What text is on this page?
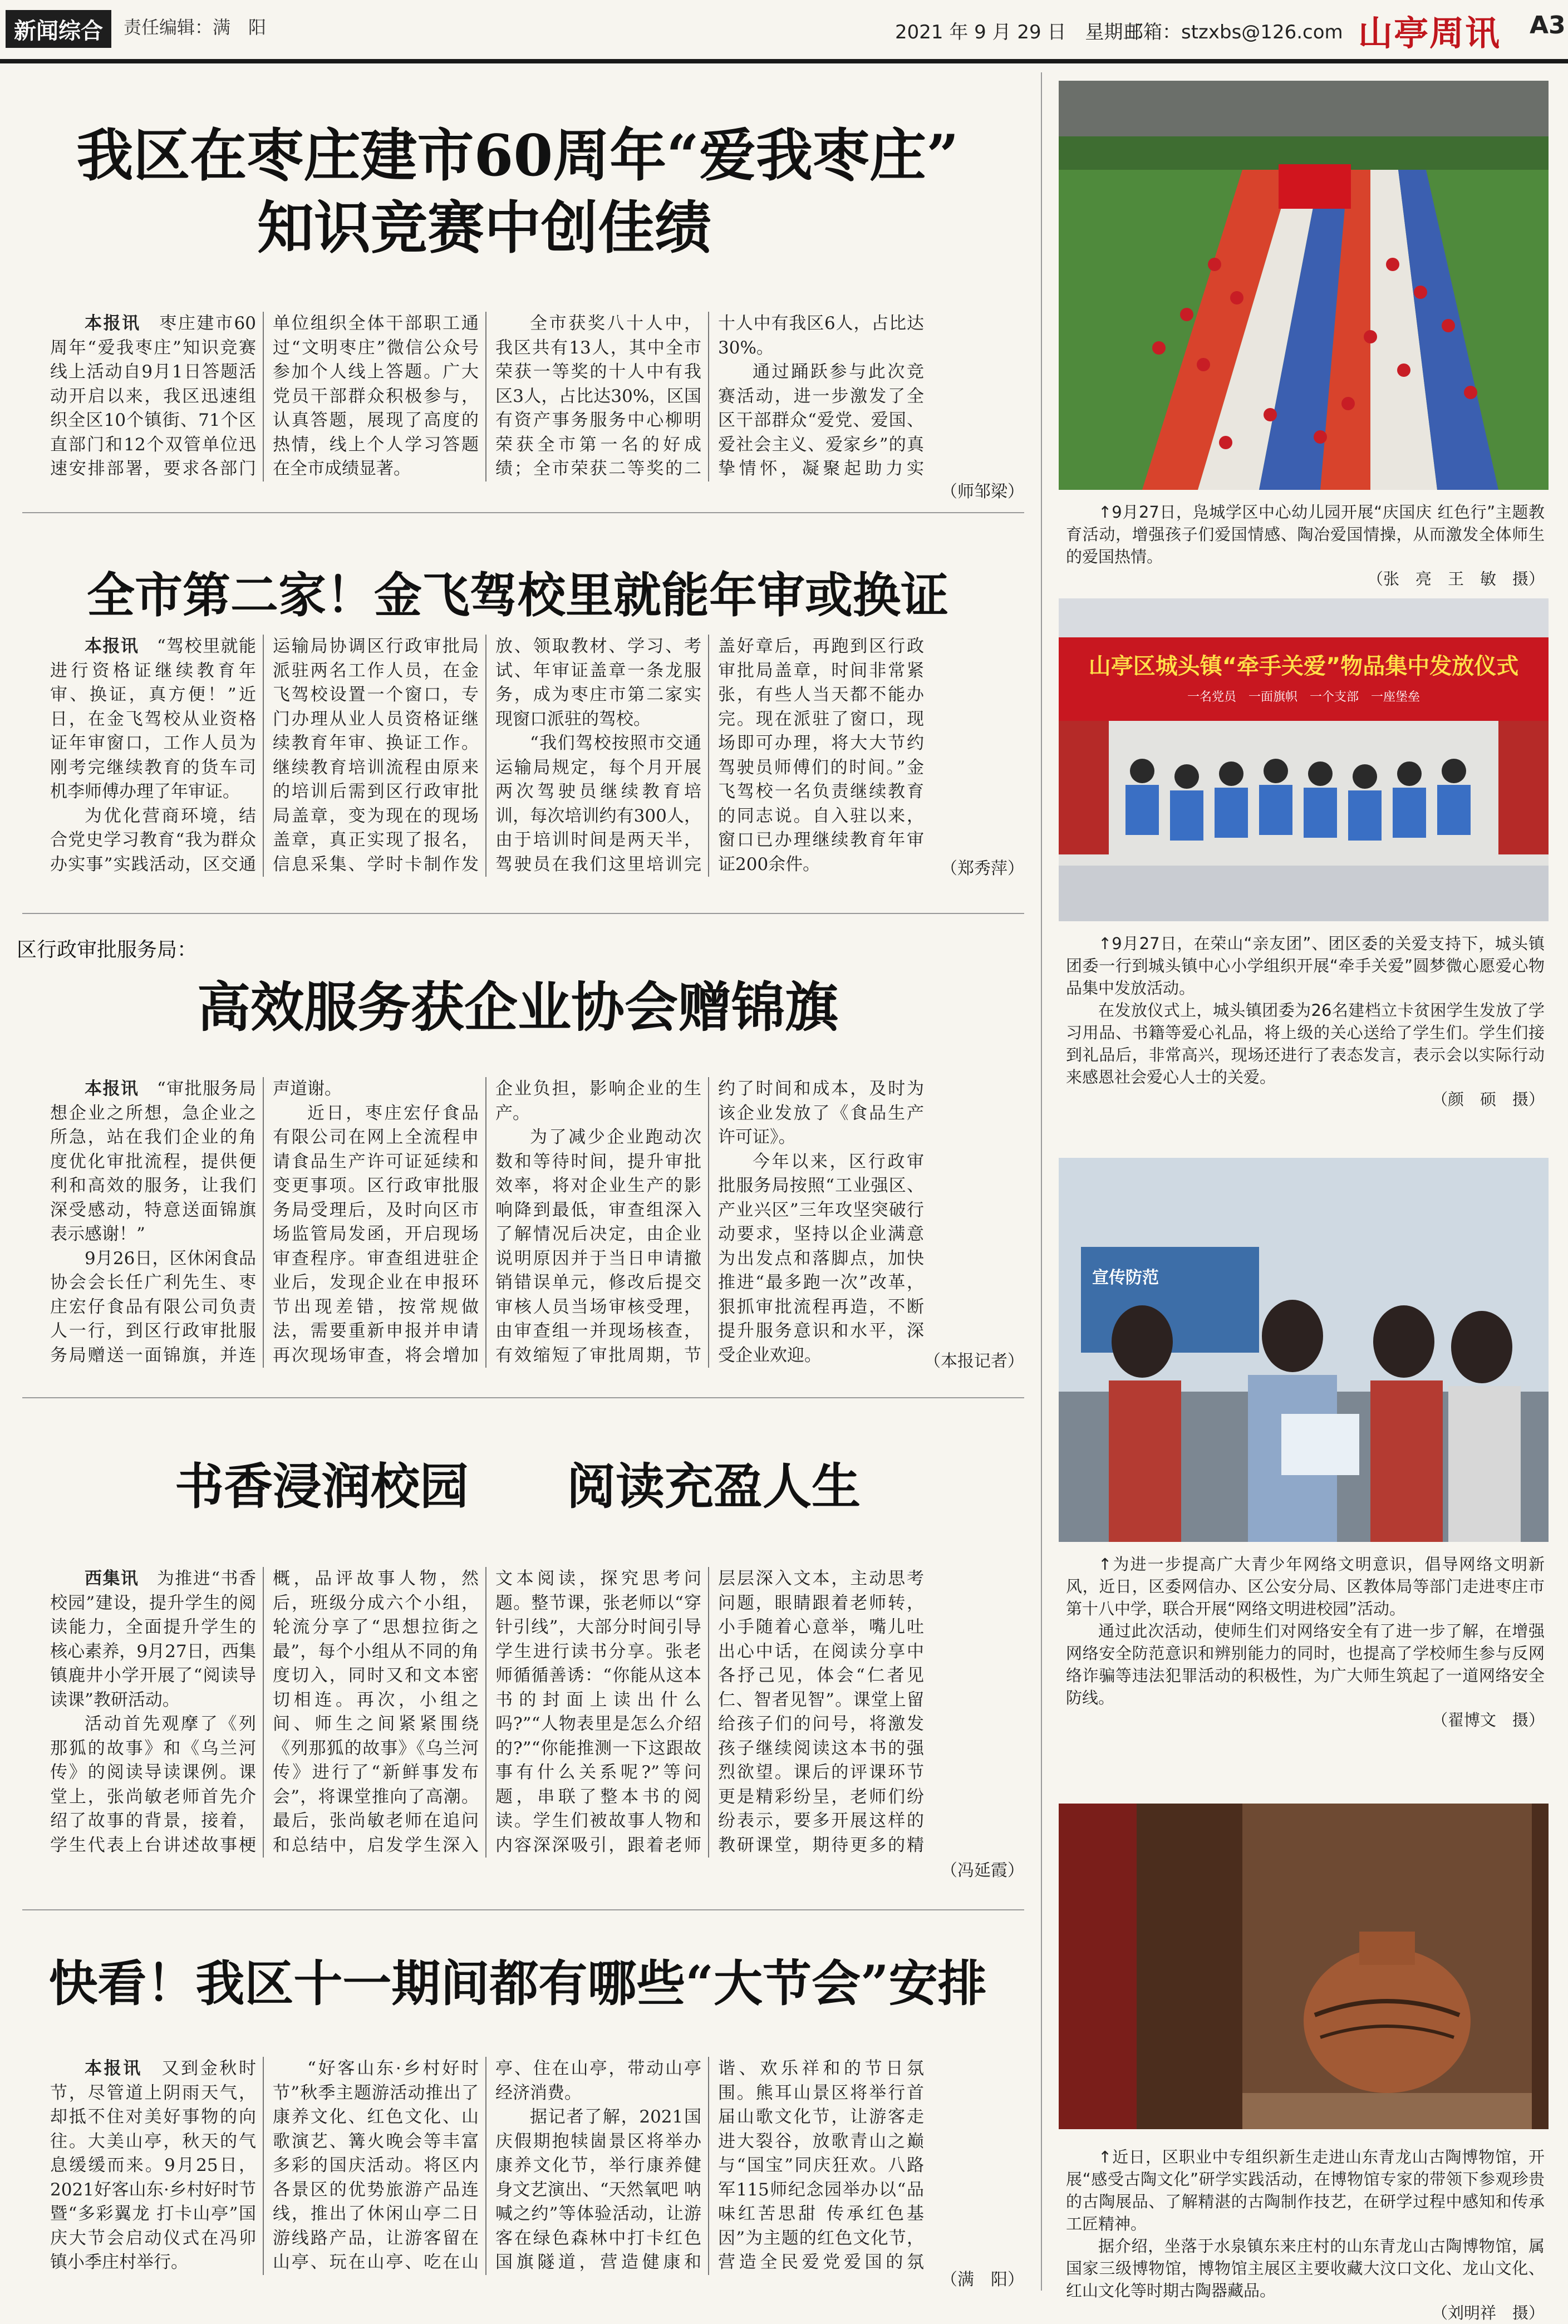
新闻综合	责任编辑：满　阳	2021 年 9 月 29 日　星期三
邮箱：stzxbs@126.com 山亭周讯 A3
我区在枣庄建市60周年“爱我枣庄”
知识竞赛中创佳绩

本报讯　枣庄建市60周年“爱我枣庄”知识竞赛线上活动自9月1日答题活动开启以来，我区迅速组织全区10个镇街、71个区直部门和12个双管单位迅速安排部署，要求各部门

单位组织全体干部职工通过“文明枣庄”微信公众号参加个人线上答题。广大党员干部群众积极参与，认真答题，展现了高度的热情，线上个人学习答题在全市成绩显著。

全市获奖八十人中，我区共有13人，其中全市荣获一等奖的十人中有我区3人，占比达30%，区国有资产事务服务中心柳明荣获全市第一名的好成绩；全市荣获二等奖的二

十人中有我区6人，占比达30%。

通过踊跃参与此次竞赛活动，进一步激发了全区干部群众“爱党、爱国、爱社会主义、爱家乡”的真挚情怀，凝聚起助力实

（师邹梁）
全市第二家！金飞驾校里就能年审或换证

本报讯　“驾校里就能进行资格证继续教育年审、换证，真方便！”近日，在金飞驾校从业资格证年审窗口，工作人员为刚考完继续教育的货车司机李师傅办理了年审证。

为优化营商环境，结合党史学习教育“我为群众办实事”实践活动，区交通

运输局协调区行政审批局派驻两名工作人员，在金飞驾校设置一个窗口，专门办理从业人员资格证继续教育年审、换证工作。继续教育培训流程由原来的培训后需到区行政审批局盖章，变为现在的现场盖章，真正实现了报名，信息采集、学时卡制作发

放、领取教材、学习、考试、年审证盖章一条龙服务，成为枣庄市第二家实现窗口派驻的驾校。

“我们驾校按照市交通运输局规定，每个月开展两次驾驶员继续教育培训，每次培训约有300人，由于培训时间是两天半，驾驶员在我们这里培训完

盖好章后，再跑到区行政审批局盖章，时间非常紧张，有些人当天都不能办完。现在派驻了窗口，现场即可办理，将大大节约驾驶员师傅们的时间。”金飞驾校一名负责继续教育的同志说。自入驻以来，窗口已办理继续教育年审证200余件。	（郑秀萍）
区行政审批服务局：
高效服务获企业协会赠锦旗

本报讯　“审批服务局想企业之所想，急企业之所急，站在我们企业的角度优化审批流程，提供便利和高效的服务，让我们深受感动，特意送面锦旗表示感谢！”

9月26日，区休闲食品协会会长任广利先生、枣庄宏仔食品有限公司负责人一行，到区行政审批服务局赠送一面锦旗，并连

声道谢。

近日，枣庄宏仔食品有限公司在网上全流程申请食品生产许可证延续和变更事项。区行政审批服务局受理后，及时向区市场监管局发函，开启现场审查程序。审查组进驻企业后，发现企业在申报环节出现差错，按常规做法，需要重新申报并申请再次现场审查，将会增加

企业负担，影响企业的生产。

为了减少企业跑动次数和等待时间，提升审批效率，将对企业生产的影响降到最低，审查组深入了解情况后决定，由企业说明原因并于当日申请撤销错误单元，修改后提交审核人员当场审核受理，由审查组一并现场核查，有效缩短了审批周期，节

约了时间和成本，及时为该企业发放了《食品生产许可证》。

今年以来，区行政审批服务局按照“工业强区、产业兴区”三年攻坚突破行动要求，坚持以企业满意为出发点和落脚点，加快推进“最多跑一次”改革，狠抓审批流程再造，不断提升服务意识和水平，深受企业欢迎。	（本报记者）
书香浸润校园　　阅读充盈人生

西集讯　为推进“书香校园”建设，提升学生的阅读能力，全面提升学生的核心素养，9月27日，西集镇鹿井小学开展了“阅读导读课”教研活动。

活动首先观摩了《列那狐的故事》和《乌兰河传》的阅读导读课例。课堂上，张尚敏老师首先介绍了故事的背景，接着，学生代表上台讲述故事梗

概，品评故事人物，然后，班级分成六个小组，轮流分享了“思想拉街之最”，每个小组从不同的角度切入，同时又和文本密切相连。再次，小组之间、师生之间紧紧围绕《列那狐的故事》《乌兰河传》进行了“新鲜事发布会”，将课堂推向了高潮。最后，张尚敏老师在追问和总结中，启发学生深入

文本阅读，探究思考问题。整节课，张老师以“穿针引线”，大部分时间引导学生进行读书分享。张老师循循善诱：“你能从这本书的封面上读出什么吗?”“人物表里是怎么介绍的?”“你能推测一下这跟故事有什么关系呢?”等问题，串联了整本书的阅读。学生们被故事人物和内容深深吸引，跟着老师

层层深入文本，主动思考问题，眼睛跟着老师转，小手随着心意举，嘴儿吐出心中话，在阅读分享中各抒己见，体会“仁者见仁、智者见智”。课堂上留给孩子们的问号，将激发孩子继续阅读这本书的强烈欲望。课后的评课环节更是精彩纷呈，老师们纷纷表示，要多开展这样的教研课堂，期待更多的精

（冯延霞）
快看！我区十一期间都有哪些“大节会”安排

本报讯　又到金秋时节，尽管道上阴雨天气，却抵不住对美好事物的向往。大美山亭，秋天的气息缓缓而来。9月25日，2021好客山东·乡村好时节暨“多彩翼龙 打卡山亭”国庆大节会启动仪式在冯卯镇小季庄村举行。

“好客山东·乡村好时节”秋季主题游活动推出了康养文化、红色文化、山歌演艺、篝火晚会等丰富多彩的国庆活动。将区内各景区的优势旅游产品连线，推出了休闲山亭二日游线路产品，让游客留在山亭、玩在山亭、吃在山

亭、住在山亭，带动山亭经济消费。

据记者了解，2021国庆假期抱犊崮景区将举办康养文化节，举行康养健身文艺演出、“天然氧吧 呐喊之约”等体验活动，让游客在绿色森林中打卡红色国旗隧道，营造健康和

谐、欢乐祥和的节日氛围。熊耳山景区将举行首届山歌文化节，让游客走进大裂谷，放歌青山之巅与“国宝”同庆狂欢。八路军115师纪念园举办以“品味红苦思甜 传承红色基因”为主题的红色文化节，营造全民爱党爱国的氛

（满　阳）

↑9月27日，凫城学区中心幼儿园开展“庆国庆 红色行”主题教育活动，增强孩子们爱国情感、陶冶爱国情操，从而激发全体师生的爱国热情。

（张　亮　王　敏　摄）
山亭区城头镇“牵手关爱”物品集中发放仪式
一名党员　一面旗帜　一个支部　一座堡垒

↑9月27日，在荣山“亲友团”、团区委的关爱支持下，城头镇团委一行到城头镇中心小学组织开展“牵手关爱”圆梦微心愿爱心物品集中发放活动。

在发放仪式上，城头镇团委为26名建档立卡贫困学生发放了学习用品、书籍等爱心礼品，将上级的关心送给了学生们。学生们接到礼品后，非常高兴，现场还进行了表态发言，表示会以实际行动来感恩社会爱心人士的关爱。

（颜　硕　摄）
宣传防范

↑为进一步提高广大青少年网络文明意识，倡导网络文明新风，近日，区委网信办、区公安分局、区教体局等部门走进枣庄市第十八中学，联合开展“网络文明进校园”活动。

通过此次活动，使师生们对网络安全有了进一步了解，在增强网络安全防范意识和辨别能力的同时，也提高了学校师生参与反网络诈骗等违法犯罪活动的积极性，为广大师生筑起了一道网络安全防线。

（翟博文　摄）

↑近日，区职业中专组织新生走进山东青龙山古陶博物馆，开展“感受古陶文化”研学实践活动，在博物馆专家的带领下参观珍贵的古陶展品、了解精湛的古陶制作技艺，在研学过程中感知和传承工匠精神。

据介绍，坐落于水泉镇东来庄村的山东青龙山古陶博物馆，属国家三级博物馆，博物馆主展区主要收藏大汶口文化、龙山文化、红山文化等时期古陶器藏品。

（刘明祥　摄）
